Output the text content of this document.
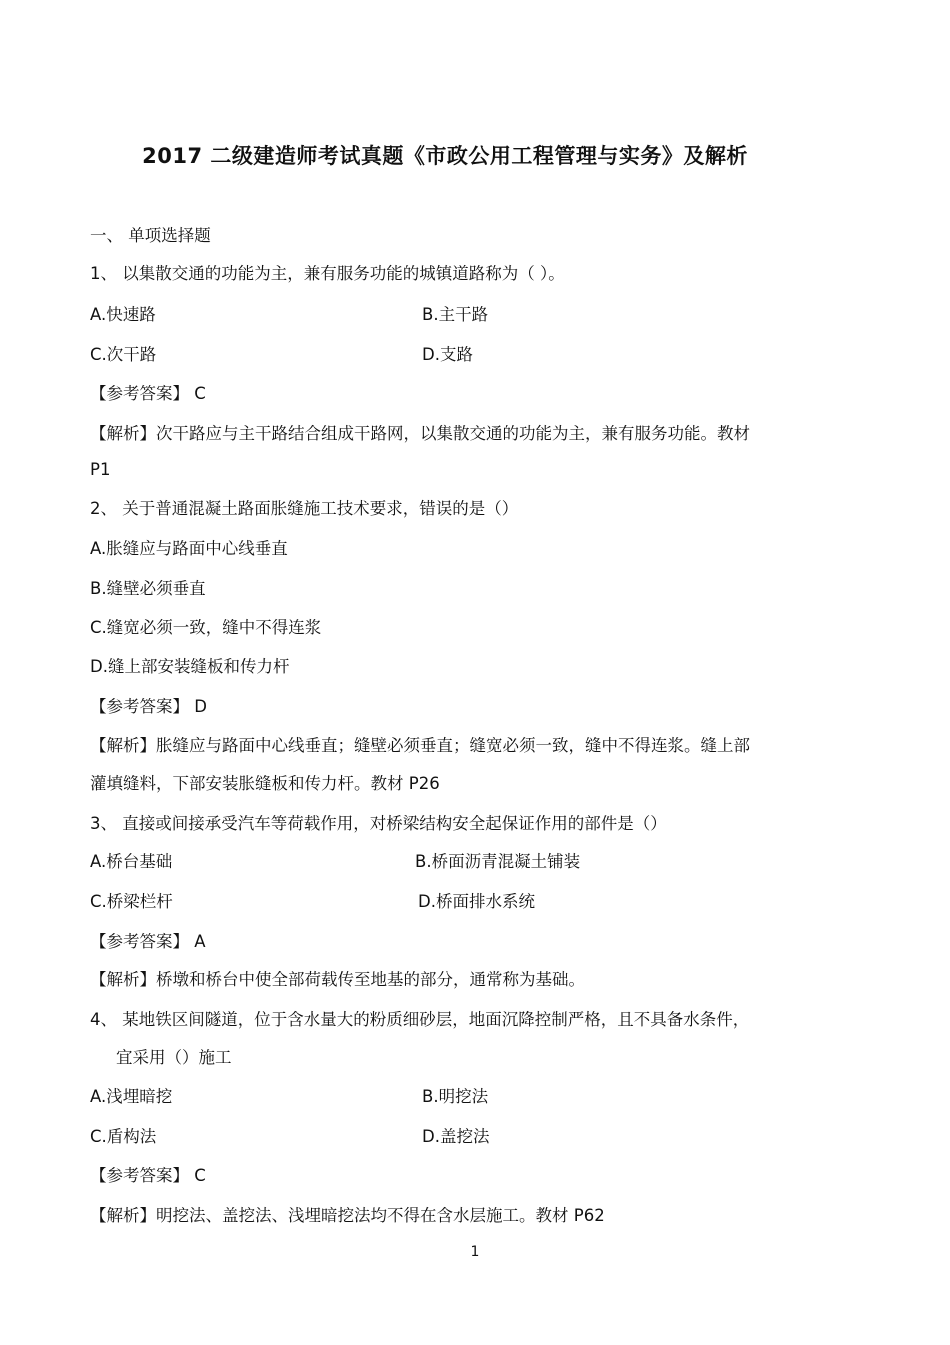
2017 二级建造师考试真题《市政公用工程管理与实务》及解析
一、 单项选择题
1、 以集散交通的功能为主，兼有服务功能的城镇道路称为（ ）。
A.快速路	B.主干路
C.次干路	D.支路
【参考答案】 C
【解析】次干路应与主干路结合组成干路网，以集散交通的功能为主，兼有服务功能。教材
P1
2、 关于普通混凝土路面胀缝施工技术要求，错误的是（）
A.胀缝应与路面中心线垂直
B.缝壁必须垂直
C.缝宽必须一致，缝中不得连浆
D.缝上部安装缝板和传力杆
【参考答案】 D
【解析】胀缝应与路面中心线垂直；缝壁必须垂直；缝宽必须一致，缝中不得连浆。缝上部
灌填缝料，下部安装胀缝板和传力杆。教材 P26
3、 直接或间接承受汽车等荷载作用，对桥梁结构安全起保证作用的部件是（）
A.桥台基础	B.桥面沥青混凝土铺装
C.桥梁栏杆	D.桥面排水系统
【参考答案】 A
【解析】桥墩和桥台中使全部荷载传至地基的部分，通常称为基础。
4、 某地铁区间隧道，位于含水量大的粉质细砂层，地面沉降控制严格，且不具备水条件，
宜采用（）施工
A.浅埋暗挖	B.明挖法
C.盾构法	D.盖挖法
【参考答案】 C
【解析】明挖法、盖挖法、浅埋暗挖法均不得在含水层施工。教材 P62
1
